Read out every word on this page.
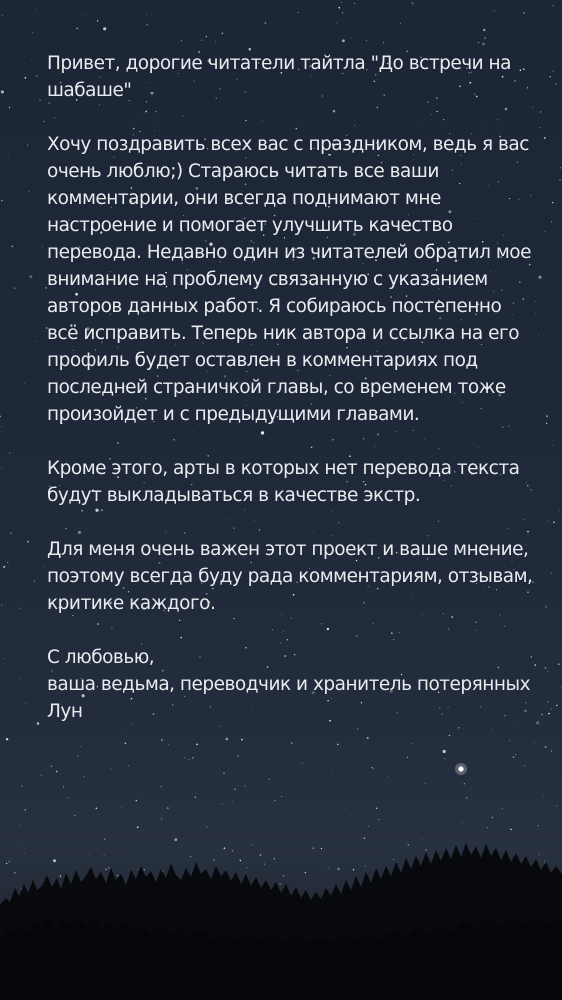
Привет, дорогие читатели тайтла "До встречи на шабаше"

Хочу поздравить всех вас с праздником, ведь я вас очень люблю;) Стараюсь читать все ваши комментарии, они всегда поднимают мне настроение и помогает улучшить качество перевода. Недавно один из читателей обратил мое внимание на проблему связанную с указанием авторов данных работ. Я собираюсь постепенно всё исправить. Теперь ник автора и ссылка на его профиль будет оставлен в комментариях под последней страничкой главы, со временем тоже произойдет и с предыдущими главами.

Кроме этого, арты в которых нет перевода текста будут выкладываться в качестве экстр.

Для меня очень важен этот проект и ваше мнение, поэтому всегда буду рада комментариям, отзывам, критике каждого.

С любовью,
ваша ведьма, переводчик и хранитель потерянных Лун
